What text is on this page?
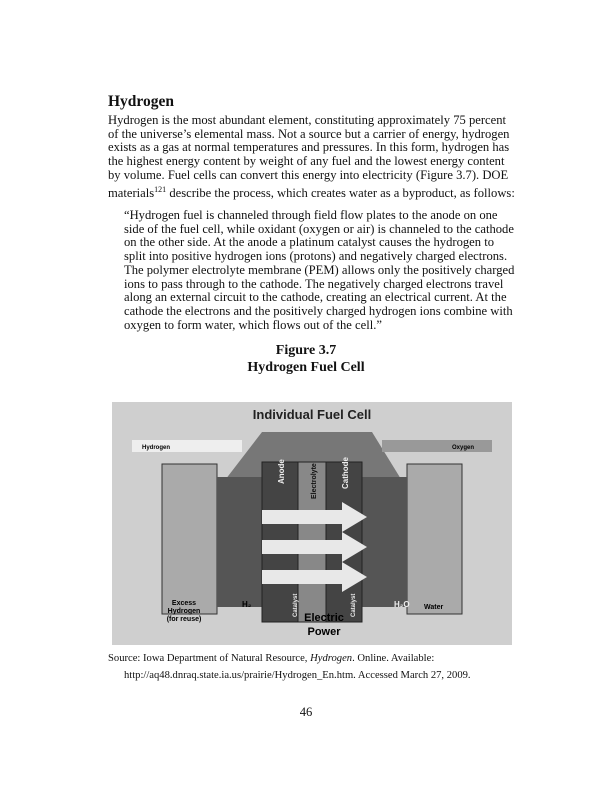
Hydrogen
Hydrogen is the most abundant element, constituting approximately 75 percent of the universe’s elemental mass. Not a source but a carrier of energy, hydrogen exists as a gas at normal temperatures and pressures. In this form, hydrogen has the highest energy content by weight of any fuel and the lowest energy content by volume. Fuel cells can convert this energy into electricity (Figure 3.7). DOE materials$^{121}$ describe the process, which creates water as a byproduct, as follows:
“Hydrogen fuel is channeled through field flow plates to the anode on one side of the fuel cell, while oxidant (oxygen or air) is channeled to the cathode on the other side. At the anode a platinum catalyst causes the hydrogen to split into positive hydrogen ions (protons) and negatively charged electrons. The polymer electrolyte membrane (PEM) allows only the positively charged ions to pass through to the cathode. The negatively charged electrons travel along an external circuit to the cathode, creating an electrical current. At the cathode the electrons and the positively charged hydrogen ions combine with oxygen to form water, which flows out of the cell.”
Figure 3.7
Hydrogen Fuel Cell
Individual Fuel Cell
Hydrogen	Oxygen
Anode	Electrolyte	Cathode
Catalyst	Catalyst
H₂	H₂O Water
Excess
Hydrogen
(for reuse)	Electric
Power
Source: Iowa Department of Natural Resource, Hydrogen. Online. Available:
http://aq48.dnraq.state.ia.us/prairie/Hydrogen_En.htm. Accessed March 27, 2009.
46
